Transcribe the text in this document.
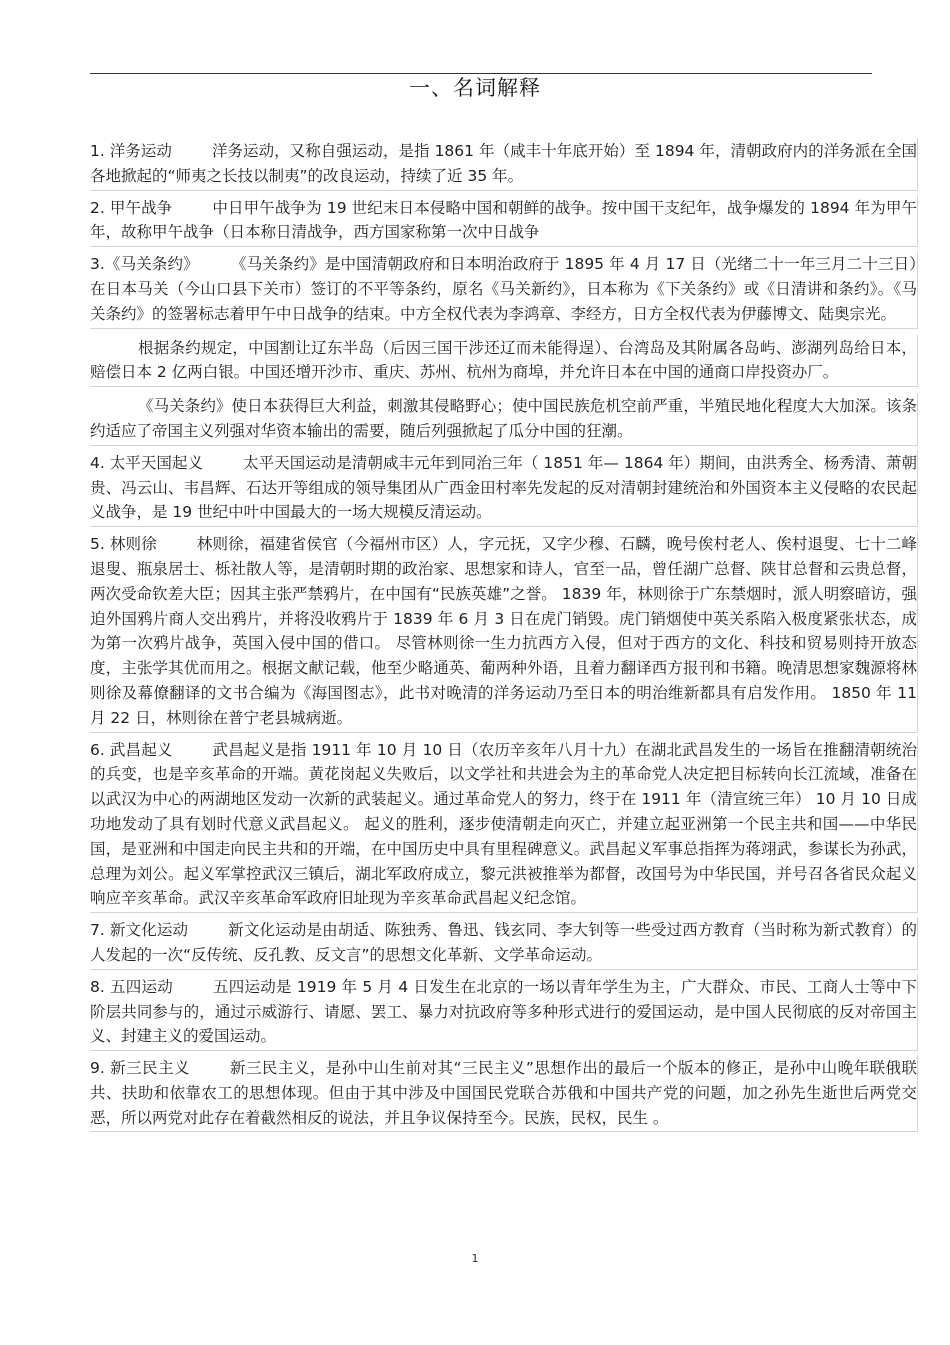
一、名词解释

1. 洋务运动	洋务运动，又称自强运动，是指 1861 年（咸丰十年底开始）至 1894 年，清朝政府内的洋务派在全国各地掀起的“师夷之长技以制夷”的改良运动，持续了近 35 年。

2. 甲午战争	中日甲午战争为 19 世纪末日本侵略中国和朝鲜的战争。按中国干支纪年，战争爆发的 1894 年为甲午年，故称甲午战争（日本称日清战争，西方国家称第一次中日战争

3.《马关条约》	《马关条约》是中国清朝政府和日本明治政府于 1895 年 4 月 17 日（光绪二十一年三月二十三日）在日本马关（今山口县下关市）签订的不平等条约，原名《马关新约》，日本称为《下关条约》或《日清讲和条约》。《马关条约》的签署标志着甲午中日战争的结束。中方全权代表为李鸿章、李经方，日方全权代表为伊藤博文、陆奥宗光。

根据条约规定，中国割让辽东半岛（后因三国干涉还辽而未能得逞）、台湾岛及其附属各岛屿、澎湖列岛给日本，赔偿日本 2 亿两白银。中国还增开沙市、重庆、苏州、杭州为商埠，并允许日本在中国的通商口岸投资办厂。

《马关条约》使日本获得巨大利益，刺激其侵略野心；使中国民族危机空前严重，半殖民地化程度大大加深。该条约适应了帝国主义列强对华资本输出的需要，随后列强掀起了瓜分中国的狂潮。

4. 太平天国起义	太平天国运动是清朝咸丰元年到同治三年（ 1851 年— 1864 年）期间，由洪秀全、杨秀清、萧朝贵、冯云山、韦昌辉、石达开等组成的领导集团从广西金田村率先发起的反对清朝封建统治和外国资本主义侵略的农民起义战争，是 19 世纪中叶中国最大的一场大规模反清运动。

5. 林则徐	林则徐，福建省侯官（今福州市区）人，字元抚，又字少穆、石麟，晚号俟村老人、俟村退叟、七十二峰退叟、瓶泉居士、栎社散人等，是清朝时期的政治家、思想家和诗人，官至一品，曾任湖广总督、陕甘总督和云贵总督，两次受命钦差大臣；因其主张严禁鸦片，在中国有“民族英雄”之誉。 1839 年，林则徐于广东禁烟时，派人明察暗访，强迫外国鸦片商人交出鸦片，并将没收鸦片于 1839 年 6 月 3 日在虎门销毁。虎门销烟使中英关系陷入极度紧张状态，成为第一次鸦片战争，英国入侵中国的借口。 尽管林则徐一生力抗西方入侵，但对于西方的文化、科技和贸易则持开放态度，主张学其优而用之。根据文献记载，他至少略通英、葡两种外语，且着力翻译西方报刊和书籍。晚清思想家魏源将林则徐及幕僚翻译的文书合编为《海国图志》，此书对晚清的洋务运动乃至日本的明治维新都具有启发作用。 1850 年 11 月 22 日，林则徐在普宁老县城病逝。

6. 武昌起义	武昌起义是指 1911 年 10 月 10 日（农历辛亥年八月十九）在湖北武昌发生的一场旨在推翻清朝统治的兵变，也是辛亥革命的开端。黄花岗起义失败后，以文学社和共进会为主的革命党人决定把目标转向长江流域，准备在以武汉为中心的两湖地区发动一次新的武装起义。通过革命党人的努力，终于在 1911 年（清宣统三年） 10 月 10 日成功地发动了具有划时代意义武昌起义。 起义的胜利，逐步使清朝走向灭亡，并建立起亚洲第一个民主共和国——中华民国，是亚洲和中国走向民主共和的开端，在中国历史中具有里程碑意义。武昌起义军事总指挥为蒋翊武，参谋长为孙武，总理为刘公。起义军掌控武汉三镇后，湖北军政府成立，黎元洪被推举为都督，改国号为中华民国，并号召各省民众起义响应辛亥革命。武汉辛亥革命军政府旧址现为辛亥革命武昌起义纪念馆。

7. 新文化运动	新文化运动是由胡适、陈独秀、鲁迅、钱玄同、李大钊等一些受过西方教育（当时称为新式教育）的人发起的一次“反传统、反孔教、反文言”的思想文化革新、文学革命运动。

8. 五四运动	五四运动是 1919 年 5 月 4 日发生在北京的一场以青年学生为主，广大群众、市民、工商人士等中下阶层共同参与的，通过示威游行、请愿、罢工、暴力对抗政府等多种形式进行的爱国运动，是中国人民彻底的反对帝国主义、封建主义的爱国运动。

9. 新三民主义	新三民主义，是孙中山生前对其“三民主义”思想作出的最后一个版本的修正，是孙中山晚年联俄联共、扶助和依靠农工的思想体现。但由于其中涉及中国国民党联合苏俄和中国共产党的问题，加之孙先生逝世后两党交恶，所以两党对此存在着截然相反的说法，并且争议保持至今。民族，民权，民生 。

1
